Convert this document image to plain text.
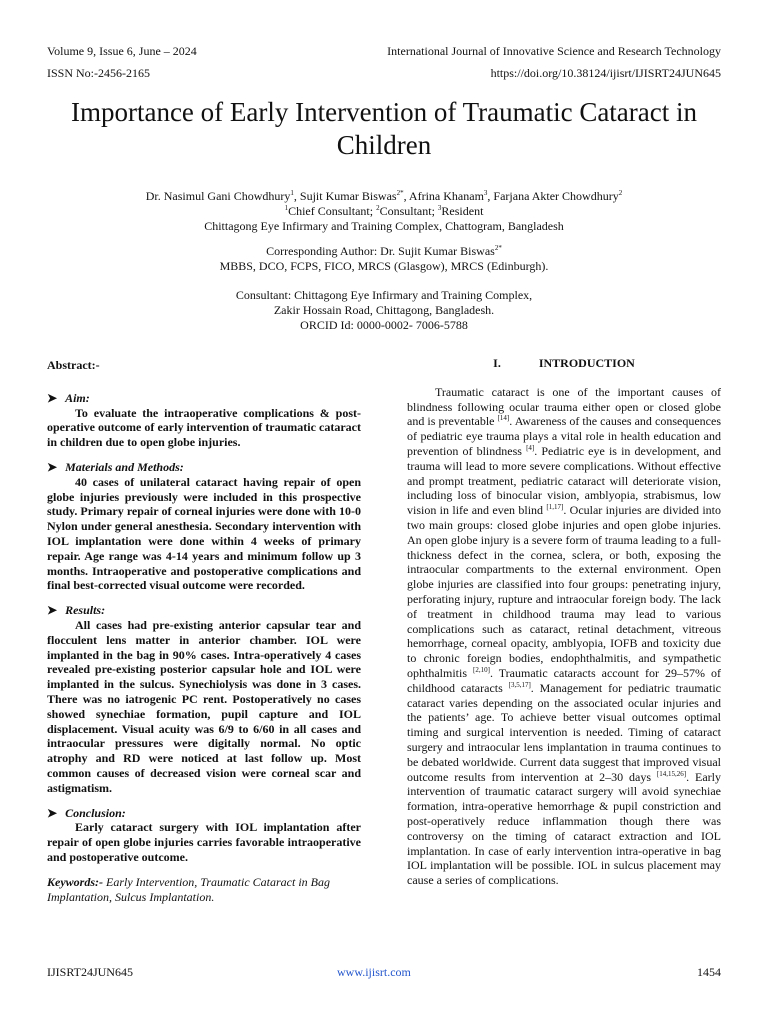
Volume 9, Issue 6, June – 2024	International Journal of Innovative Science and Research Technology
ISSN No:-2456-2165	https://doi.org/10.38124/ijisrt/IJISRT24JUN645
Importance of Early Intervention of Traumatic Cataract in Children
Dr. Nasimul Gani Chowdhury$^1$, Sujit Kumar Biswas$^{2*}$, Afrina Khanam$^3$, Farjana Akter Chowdhury$^2$
$^1$Chief Consultant; $^2$Consultant; $^3$Resident
Chittagong Eye Infirmary and Training Complex, Chattogram, Bangladesh
Corresponding Author: Dr. Sujit Kumar Biswas$^{2*}$
MBBS, DCO, FCPS, FICO, MRCS (Glasgow), MRCS (Edinburgh).
Consultant: Chittagong Eye Infirmary and Training Complex,
Zakir Hossain Road, Chittagong, Bangladesh.
ORCID Id: 0000-0002- 7006-5788
Abstract:-

➤ Aim:

To evaluate the intraoperative complications & post-operative outcome of early intervention of traumatic cataract in children due to open globe injuries.

➤ Materials and Methods:

40 cases of unilateral cataract having repair of open globe injuries previously were included in this prospective study. Primary repair of corneal injuries were done with 10-0 Nylon under general anesthesia. Secondary intervention with IOL implantation were done within 4 weeks of primary repair. Age range was 4-14 years and minimum follow up 3 months. Intraoperative and postoperative complications and final best-corrected visual outcome were recorded.

➤ Results:

All cases had pre-existing anterior capsular tear and flocculent lens matter in anterior chamber. IOL were implanted in the bag in 90% cases. Intra-operatively 4 cases revealed pre-existing posterior capsular hole and IOL were implanted in the sulcus. Synechiolysis was done in 3 cases. There was no iatrogenic PC rent. Postoperatively no cases showed synechiae formation, pupil capture and IOL displacement. Visual acuity was 6/9 to 6/60 in all cases and intraocular pressures were digitally normal. No optic atrophy and RD were noticed at last follow up. Most common causes of decreased vision were corneal scar and astigmatism.

➤ Conclusion:

Early cataract surgery with IOL implantation after repair of open globe injuries carries favorable intraoperative and postoperative outcome.

Keywords:- Early Intervention, Traumatic Cataract in Bag Implantation, Sulcus Implantation.
I.	INTRODUCTION

Traumatic cataract is one of the important causes of blindness following ocular trauma either open or closed globe and is preventable [14]. Awareness of the causes and consequences of pediatric eye trauma plays a vital role in health education and prevention of blindness [4]. Pediatric eye is in development, and trauma will lead to more severe complications. Without effective and prompt treatment, pediatric cataract will deteriorate vision, including loss of binocular vision, amblyopia, strabismus, low vision in life and even blind [1,17]. Ocular injuries are divided into two main groups: closed globe injuries and open globe injuries. An open globe injury is a severe form of trauma leading to a full-thickness defect in the cornea, sclera, or both, exposing the intraocular compartments to the external environment. Open globe injuries are classified into four groups: penetrating injury, perforating injury, rupture and intraocular foreign body. The lack of treatment in childhood trauma may lead to various complications such as cataract, retinal detachment, vitreous hemorrhage, corneal opacity, amblyopia, IOFB and toxicity due to chronic foreign bodies, endophthalmitis, and sympathetic ophthalmitis [2,10]. Traumatic cataracts account for 29–57% of childhood cataracts [3,5,17]. Management for pediatric traumatic cataract varies depending on the associated ocular injuries and the patients’ age. To achieve better visual outcomes optimal timing and surgical intervention is needed. Timing of cataract surgery and intraocular lens implantation in trauma continues to be debated worldwide. Current data suggest that improved visual outcome results from intervention at 2–30 days [14,15,26]. Early intervention of traumatic cataract surgery will avoid synechiae formation, intra-operative hemorrhage & pupil constriction and post-operatively reduce inflammation though there was controversy on the timing of cataract extraction and IOL implantation. In case of early intervention intra-operative in bag IOL implantation will be possible. IOL in sulcus placement may cause a series of complications.

IJISRT24JUN645	www.ijisrt.com	1454
